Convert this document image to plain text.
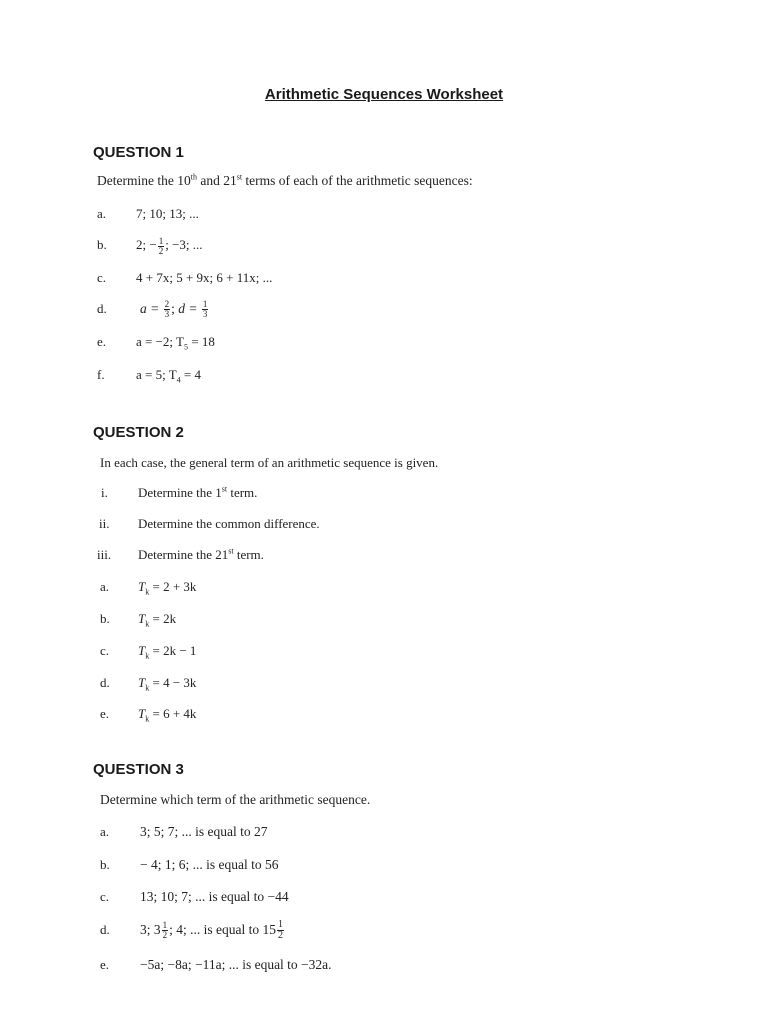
Arithmetic Sequences Worksheet
QUESTION 1
Determine the 10th and 21st terms of each of the arithmetic sequences:
a. 7; 10; 13; ...
b. 2; − $\frac{1}{2}$ ; −3; ...
c. 4 + 7x; 5 + 9x; 6 + 11x; ...
d. $a = \frac{2}{3}$ ; $d = \frac{1}{3}$
e. a = −2; $T_5 = 18$
f. a = 5; $T_4 = 4$
QUESTION 2
In each case, the general term of an arithmetic sequence is given.
i. Determine the 1st term.
ii. Determine the common difference.
iii. Determine the 21st term.
a. $T_k = 2 + 3k$
b. $T_k = 2k$
c. $T_k = 2k - 1$
d. $T_k = 4 - 3k$
e. $T_k = 6 + 4k$
QUESTION 3
Determine which term of the arithmetic sequence.
a. 3; 5; 7; ... is equal to 27
b. − 4; 1; 6; ... is equal to 56
c. 13; 10; 7; ... is equal to −44
d. 3; $3 \frac{1}{2}$ ; 4; ... is equal to $15 \frac{1}{2}$
e. −5a; −8a; −11a; ... is equal to −32a.
